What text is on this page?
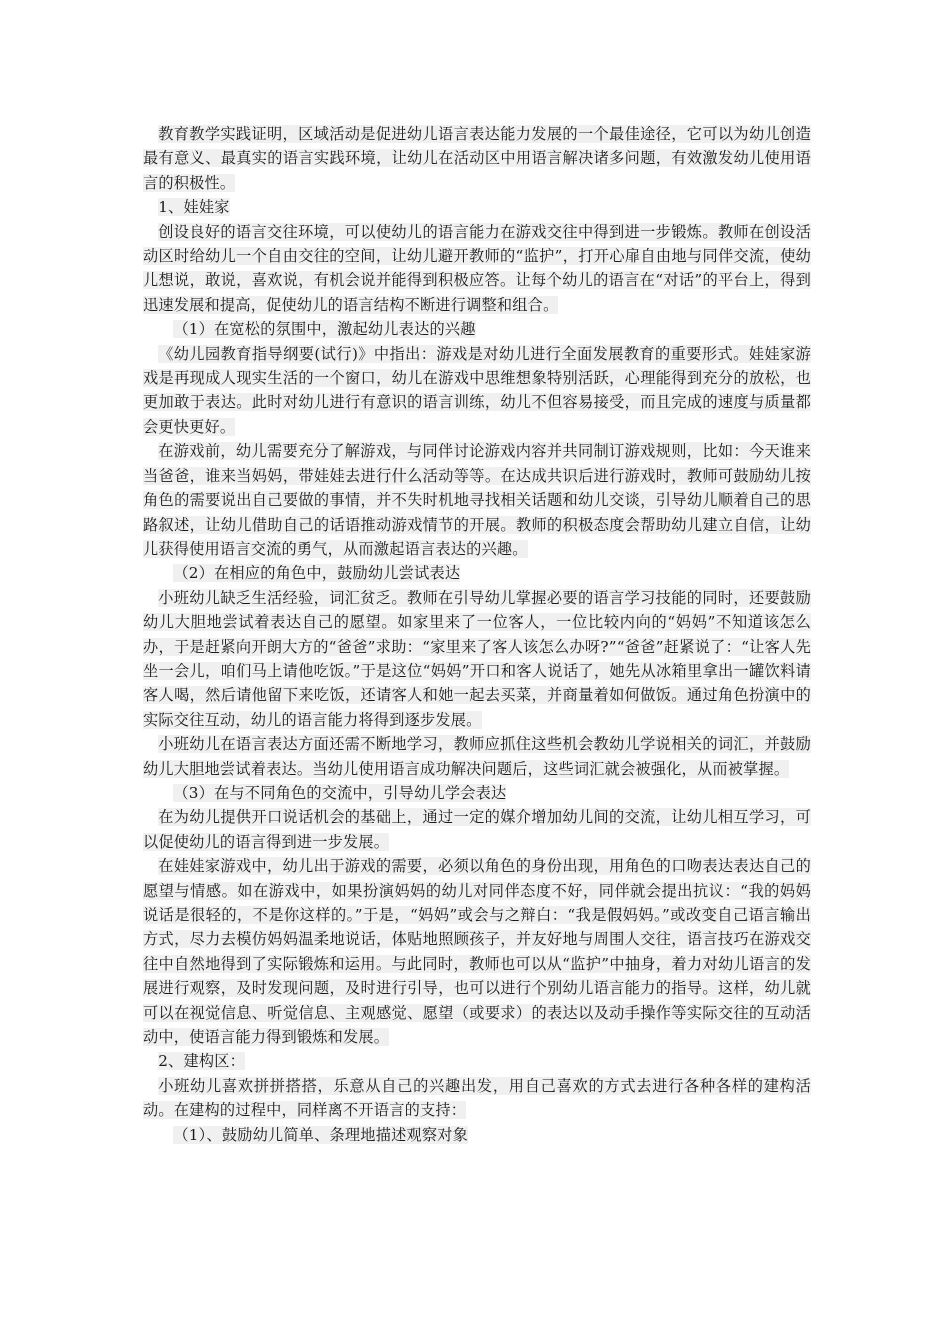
教育教学实践证明，区域活动是促进幼儿语言表达能力发展的一个最佳途径，它可以为幼儿创造最有意义、最真实的语言实践环境，让幼儿在活动区中用语言解决诸多问题，有效激发幼儿使用语言的积极性。

1、娃娃家

创设良好的语言交往环境，可以使幼儿的语言能力在游戏交往中得到进一步锻炼。教师在创设活动区时给幼儿一个自由交往的空间，让幼儿避开教师的“监护”，打开心扉自由地与同伴交流，使幼儿想说，敢说，喜欢说，有机会说并能得到积极应答。让每个幼儿的语言在“对话”的平台上，得到迅速发展和提高，促使幼儿的语言结构不断进行调整和组合。

（1）在宽松的氛围中，激起幼儿表达的兴趣

《幼儿园教育指导纲要(试行)》中指出：游戏是对幼儿进行全面发展教育的重要形式。娃娃家游戏是再现成人现实生活的一个窗口，幼儿在游戏中思维想象特别活跃，心理能得到充分的放松，也更加敢于表达。此时对幼儿进行有意识的语言训练，幼儿不但容易接受，而且完成的速度与质量都会更快更好。

在游戏前，幼儿需要充分了解游戏，与同伴讨论游戏内容并共同制订游戏规则，比如：今天谁来当爸爸，谁来当妈妈，带娃娃去进行什么活动等等。在达成共识后进行游戏时，教师可鼓励幼儿按角色的需要说出自己要做的事情，并不失时机地寻找相关话题和幼儿交谈，引导幼儿顺着自己的思路叙述，让幼儿借助自己的话语推动游戏情节的开展。教师的积极态度会帮助幼儿建立自信，让幼儿获得使用语言交流的勇气，从而激起语言表达的兴趣。

（2）在相应的角色中，鼓励幼儿尝试表达

小班幼儿缺乏生活经验，词汇贫乏。教师在引导幼儿掌握必要的语言学习技能的同时，还要鼓励幼儿大胆地尝试着表达自己的愿望。如家里来了一位客人，一位比较内向的“妈妈”不知道该怎么办，于是赶紧向开朗大方的“爸爸”求助：“家里来了客人该怎么办呀?”“爸爸”赶紧说了：“让客人先坐一会儿，咱们马上请他吃饭。”于是这位“妈妈”开口和客人说话了，她先从冰箱里拿出一罐饮料请客人喝，然后请他留下来吃饭，还请客人和她一起去买菜，并商量着如何做饭。通过角色扮演中的实际交往互动，幼儿的语言能力将得到逐步发展。

小班幼儿在语言表达方面还需不断地学习，教师应抓住这些机会教幼儿学说相关的词汇，并鼓励幼儿大胆地尝试着表达。当幼儿使用语言成功解决问题后，这些词汇就会被强化，从而被掌握。

（3）在与不同角色的交流中，引导幼儿学会表达

在为幼儿提供开口说话机会的基础上，通过一定的媒介增加幼儿间的交流，让幼儿相互学习，可以促使幼儿的语言得到进一步发展。

在娃娃家游戏中，幼儿出于游戏的需要，必须以角色的身份出现，用角色的口吻表达表达自己的愿望与情感。如在游戏中，如果扮演妈妈的幼儿对同伴态度不好，同伴就会提出抗议：“我的妈妈说话是很轻的，不是你这样的。”于是，“妈妈”或会与之辩白：“我是假妈妈。”或改变自己语言输出方式，尽力去模仿妈妈温柔地说话，体贴地照顾孩子，并友好地与周围人交往，语言技巧在游戏交往中自然地得到了实际锻炼和运用。与此同时，教师也可以从“监护”中抽身，着力对幼儿语言的发展进行观察，及时发现问题，及时进行引导，也可以进行个别幼儿语言能力的指导。这样，幼儿就可以在视觉信息、听觉信息、主观感觉、愿望（或要求）的表达以及动手操作等实际交往的互动活动中，使语言能力得到锻炼和发展。

2、建构区：

小班幼儿喜欢拼拼搭搭，乐意从自己的兴趣出发，用自己喜欢的方式去进行各种各样的建构活动。在建构的过程中，同样离不开语言的支持：

（1）、鼓励幼儿简单、条理地描述观察对象
